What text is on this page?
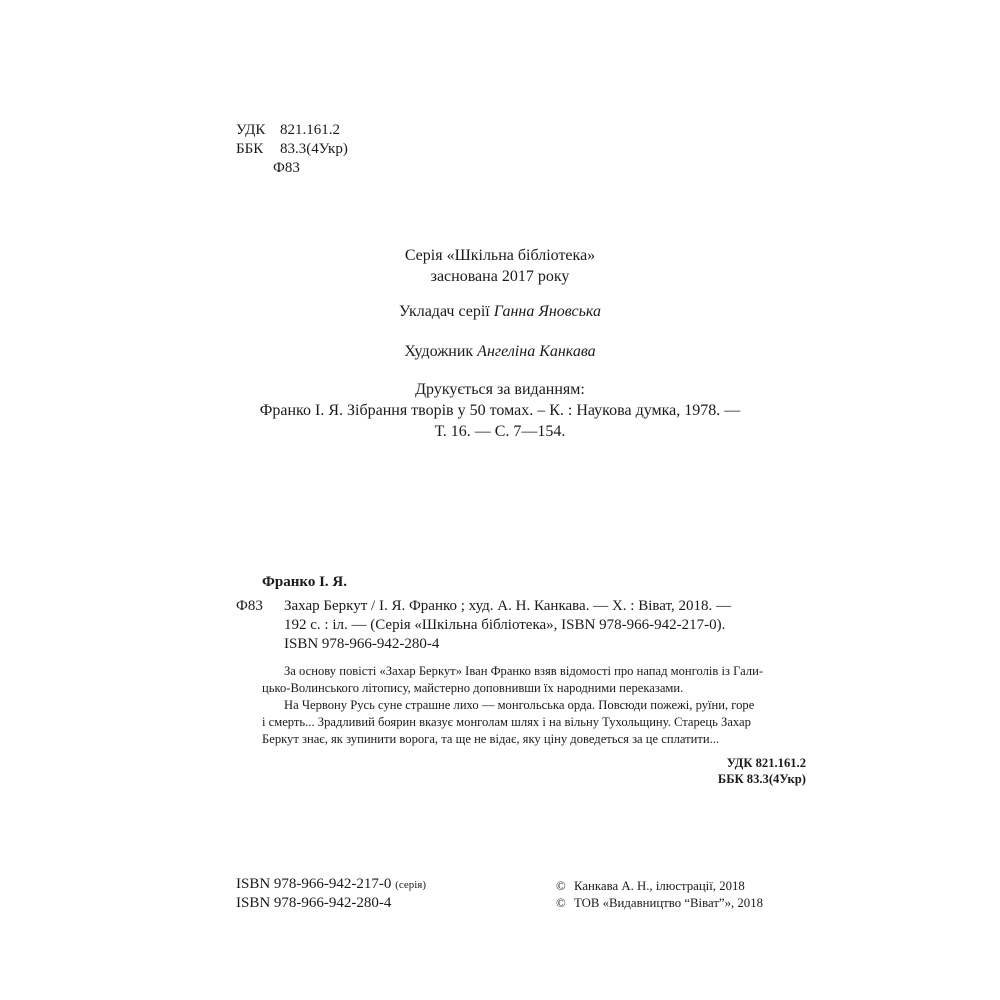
УДК 821.161.2
ББК 83.3(4Укр)
Ф83
Серія «Шкільна бібліотека»
заснована 2017 року
Укладач серії Ганна Яновська
Художник Ангеліна Канкава
Друкується за виданням:
Франко І. Я. Зібрання творів у 50 томах. – К. : Наукова думка, 1978. —
Т. 16. — С. 7—154.
Франко І. Я.
Ф83 Захар Беркут / І. Я. Франко ; худ. А. Н. Канкава. — Х. : Віват, 2018. —
192 с. : іл. — (Серія «Шкільна бібліотека», ISBN 978-966-942-217-0).
ISBN 978-966-942-280-4
За основу повісті «Захар Беркут» Іван Франко взяв відомості про напад монголів із Гали-
цько-Волинського літопису, майстерно доповнивши їх народними переказами.
На Червону Русь суне страшне лихо — монгольська орда. Повсюди пожежі, руїни, горе
і смерть... Зрадливий боярин вказує монголам шлях і на вільну Тухольщину. Старець Захар
Беркут знає, як зупинити ворога, та ще не відає, яку ціну доведеться за це сплатити...
УДК 821.161.2
ББК 83.3(4Укр)
ISBN 978-966-942-217-0 (серія)
ISBN 978-966-942-280-4
© Канкава А. Н., ілюстрації, 2018
© ТОВ «Видавництво “Віват”», 2018
